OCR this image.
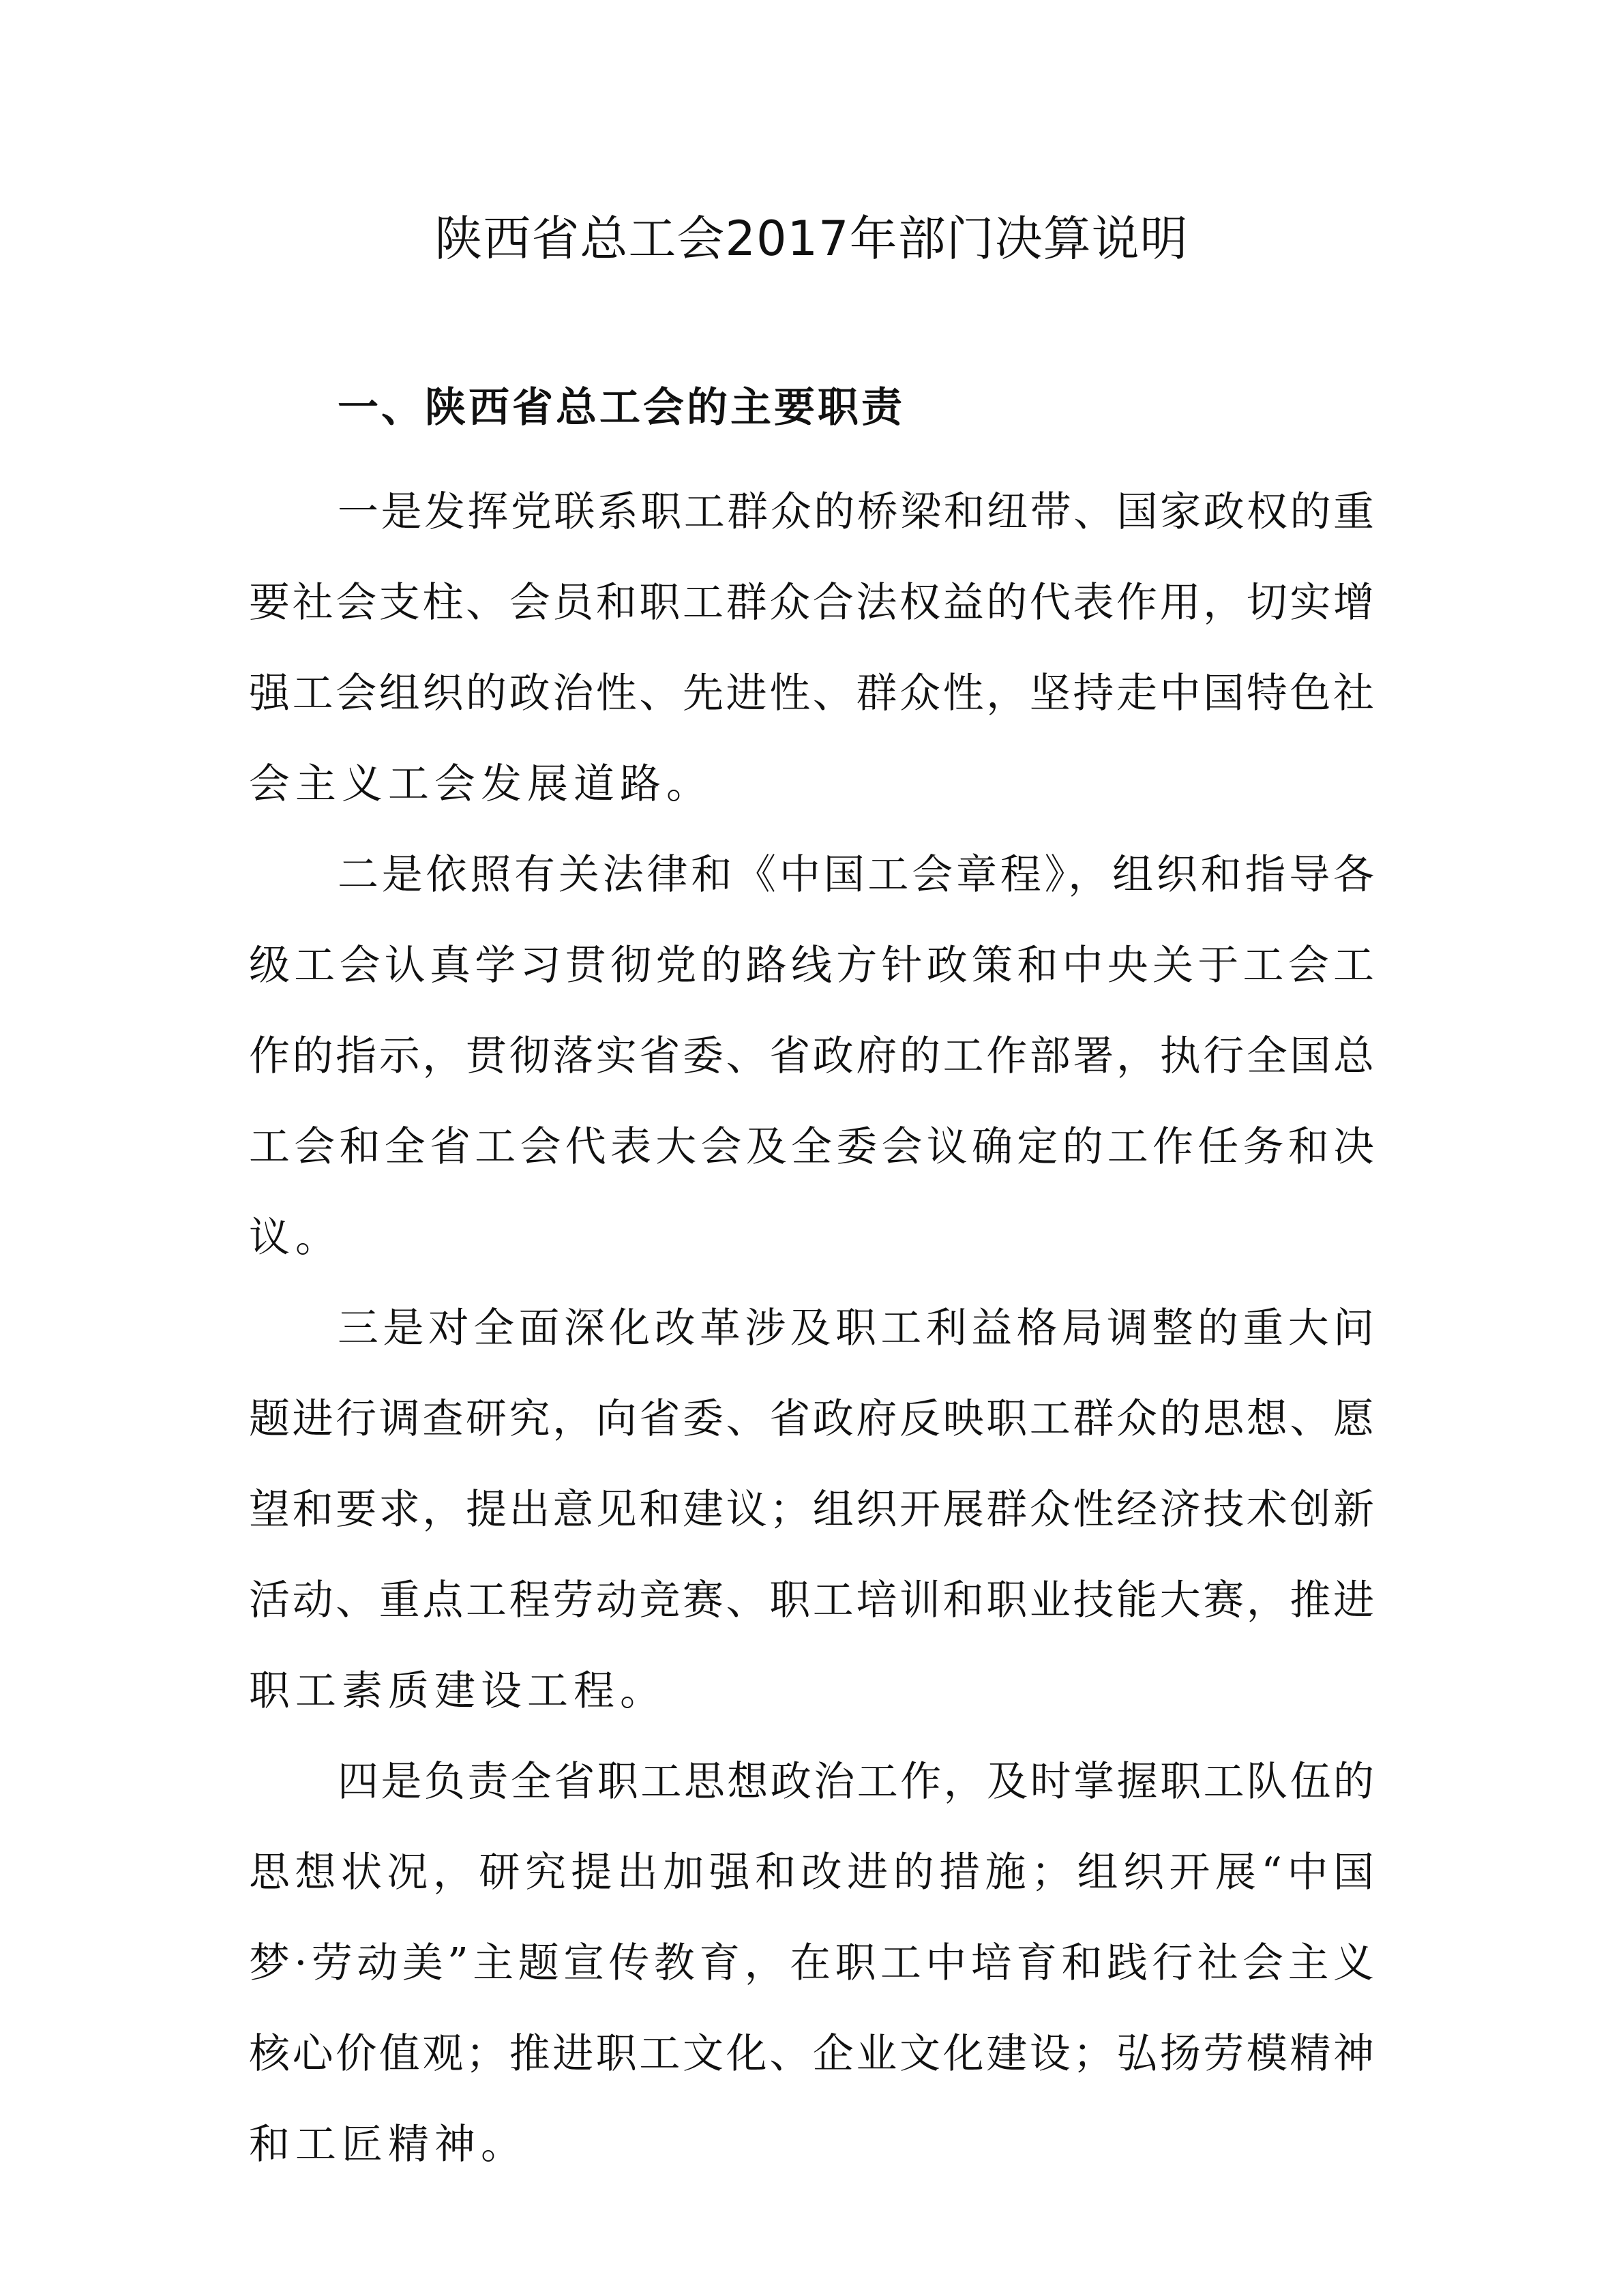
陕西省总工会2017年部门决算说明
一、陕西省总工会的主要职责
一是发挥党联系职工群众的桥梁和纽带、国家政权的重
要社会支柱、会员和职工群众合法权益的代表作用，切实增
强工会组织的政治性、先进性、群众性，坚持走中国特色社
会主义工会发展道路。
二是依照有关法律和《中国工会章程》，组织和指导各
级工会认真学习贯彻党的路线方针政策和中央关于工会工
作的指示，贯彻落实省委、省政府的工作部署，执行全国总
工会和全省工会代表大会及全委会议确定的工作任务和决
议。
三是对全面深化改革涉及职工利益格局调整的重大问
题进行调查研究，向省委、省政府反映职工群众的思想、愿
望和要求，提出意见和建议；组织开展群众性经济技术创新
活动、重点工程劳动竞赛、职工培训和职业技能大赛，推进
职工素质建设工程。
四是负责全省职工思想政治工作，及时掌握职工队伍的
思想状况，研究提出加强和改进的措施；组织开展“中国
梦·劳动美”主题宣传教育，在职工中培育和践行社会主义
核心价值观；推进职工文化、企业文化建设；弘扬劳模精神
和工匠精神。
